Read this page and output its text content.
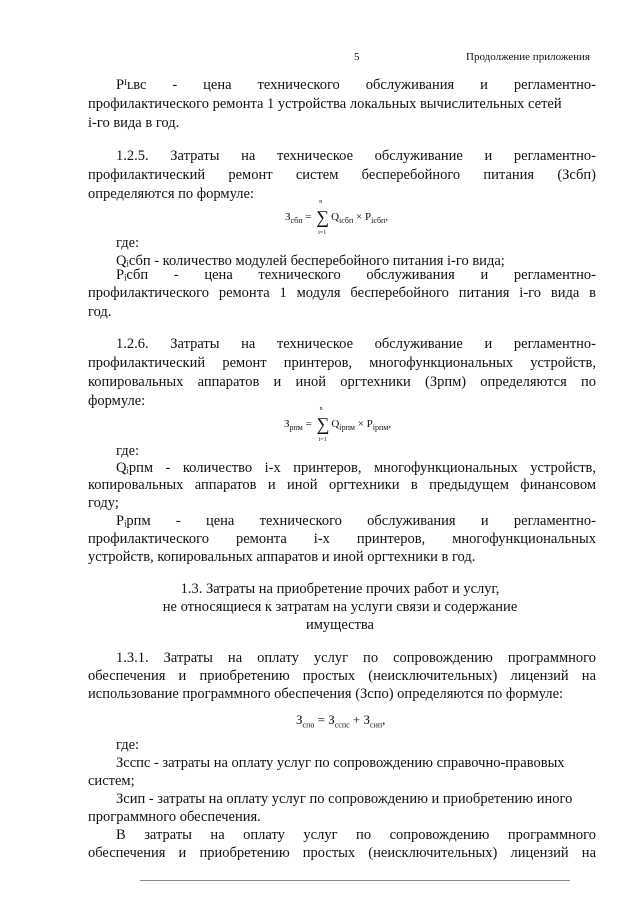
5	Продолжение приложения
Рᴵʟвс - цена технического обслуживания и регламентно-
профилактического ремонта 1 устройства локальных вычислительных сетей
i-го вида в год.
1.2.5. Затраты на техническое обслуживание и регламентно-
профилактический ремонт систем бесперебойного питания (Зсбп)
определяются по формуле:
$З_{сбп}$ = ∑
n
i=1
$Q_{iсбп} \times P_{iсбп}$,
где:
Qᵢсбп - количество модулей бесперебойного питания i-го вида;
Рᵢсбп - цена технического обслуживания и регламентно-
профилактического ремонта 1 модуля бесперебойного питания i-го вида в
год.
1.2.6. Затраты на техническое обслуживание и регламентно-
профилактический ремонт принтеров, многофункциональных устройств,
копировальных аппаратов и иной оргтехники (Зрпм) определяются по
формуле:
$З_{рпм}$ = ∑
n
i=1
$Q_{iрпм} \times P_{iрпм}$,
где:
Qᵢрпм - количество i-х принтеров, многофункциональных устройств,
копировальных аппаратов и иной оргтехники в предыдущем финансовом
году;
Рᵢрпм - цена технического обслуживания и регламентно-
профилактического ремонта i-х принтеров, многофункциональных
устройств, копировальных аппаратов и иной оргтехники в год.
1.3. Затраты на приобретение прочих работ и услуг,
не относящиеся к затратам на услуги связи и содержание
имущества
1.3.1. Затраты на оплату услуг по сопровождению программного
обеспечения и приобретению простых (неисключительных) лицензий на
использование программного обеспечения (Зспо) определяются по формуле:
$З_{спо} = З_{сспс} + З_{сип}$,
где:
Зсспс - затраты на оплату услуг по сопровождению справочно-правовых
систем;
Зсип - затраты на оплату услуг по сопровождению и приобретению иного
программного обеспечения.
В затраты на оплату услуг по сопровождению программного
обеспечения и приобретению простых (неисключительных) лицензий на
